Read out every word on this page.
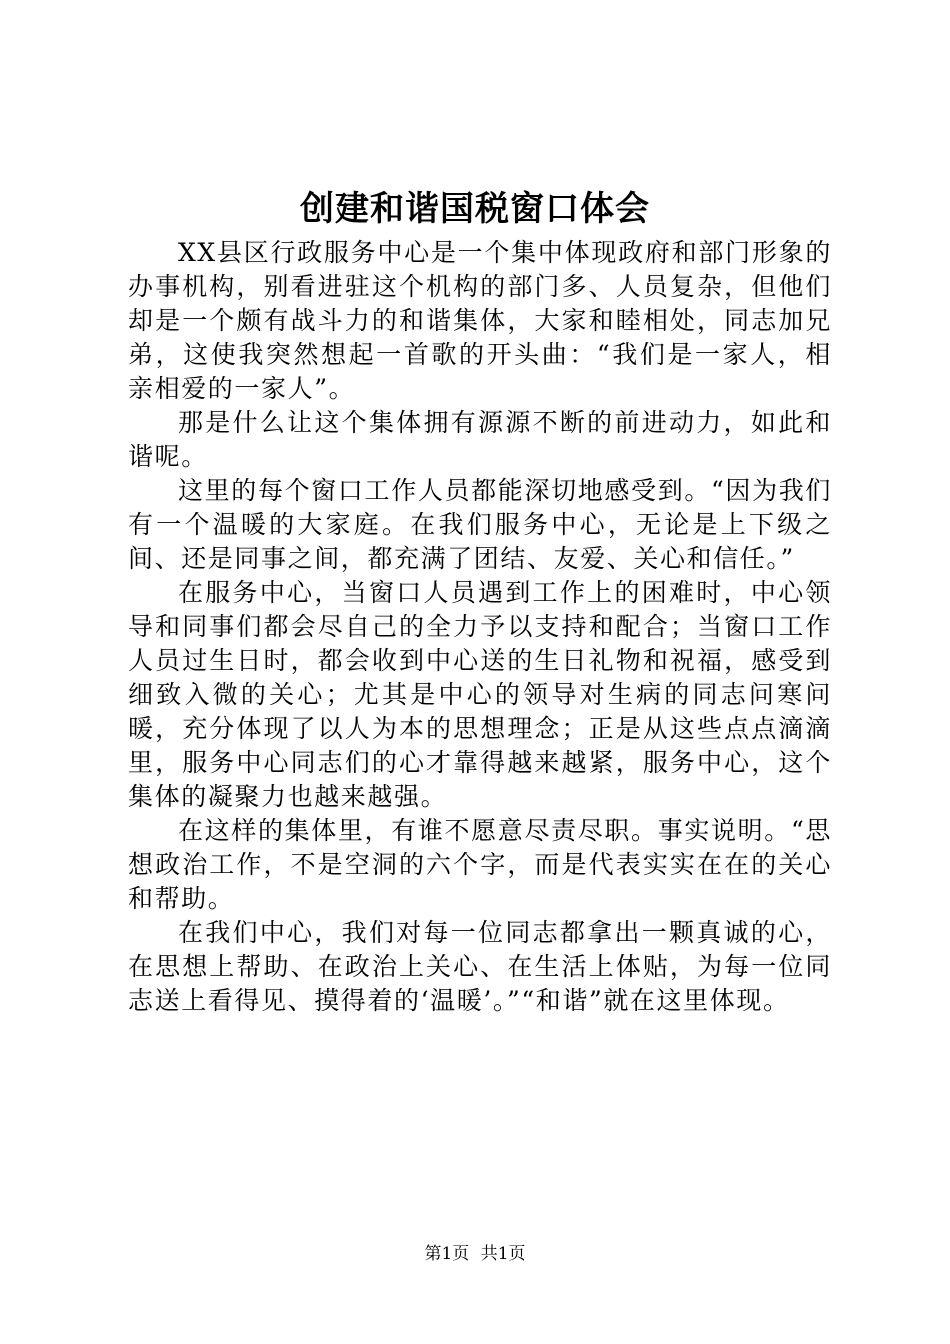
创建和谐国税窗口体会

XX县区行政服务中心是一个集中体现政府和部门形象的办事机构，别看进驻这个机构的部门多、人员复杂，但他们却是一个颇有战斗力的和谐集体，大家和睦相处，同志加兄弟，这使我突然想起一首歌的开头曲：“我们是一家人，相亲相爱的一家人”。

那是什么让这个集体拥有源源不断的前进动力，如此和谐呢。

这里的每个窗口工作人员都能深切地感受到。“因为我们有一个温暖的大家庭。在我们服务中心，无论是上下级之间、还是同事之间，都充满了团结、友爱、关心和信任。”

在服务中心，当窗口人员遇到工作上的困难时，中心领导和同事们都会尽自己的全力予以支持和配合；当窗口工作人员过生日时，都会收到中心送的生日礼物和祝福，感受到细致入微的关心；尤其是中心的领导对生病的同志问寒问暖，充分体现了以人为本的思想理念；正是从这些点点滴滴里，服务中心同志们的心才靠得越来越紧，服务中心，这个集体的凝聚力也越来越强。

在这样的集体里，有谁不愿意尽责尽职。事实说明。“思想政治工作，不是空洞的六个字，而是代表实实在在的关心和帮助。

在我们中心，我们对每一位同志都拿出一颗真诚的心，在思想上帮助、在政治上关心、在生活上体贴，为每一位同志送上看得见、摸得着的‘温暖’。”“和谐”就在这里体现。

第1页 共1页
